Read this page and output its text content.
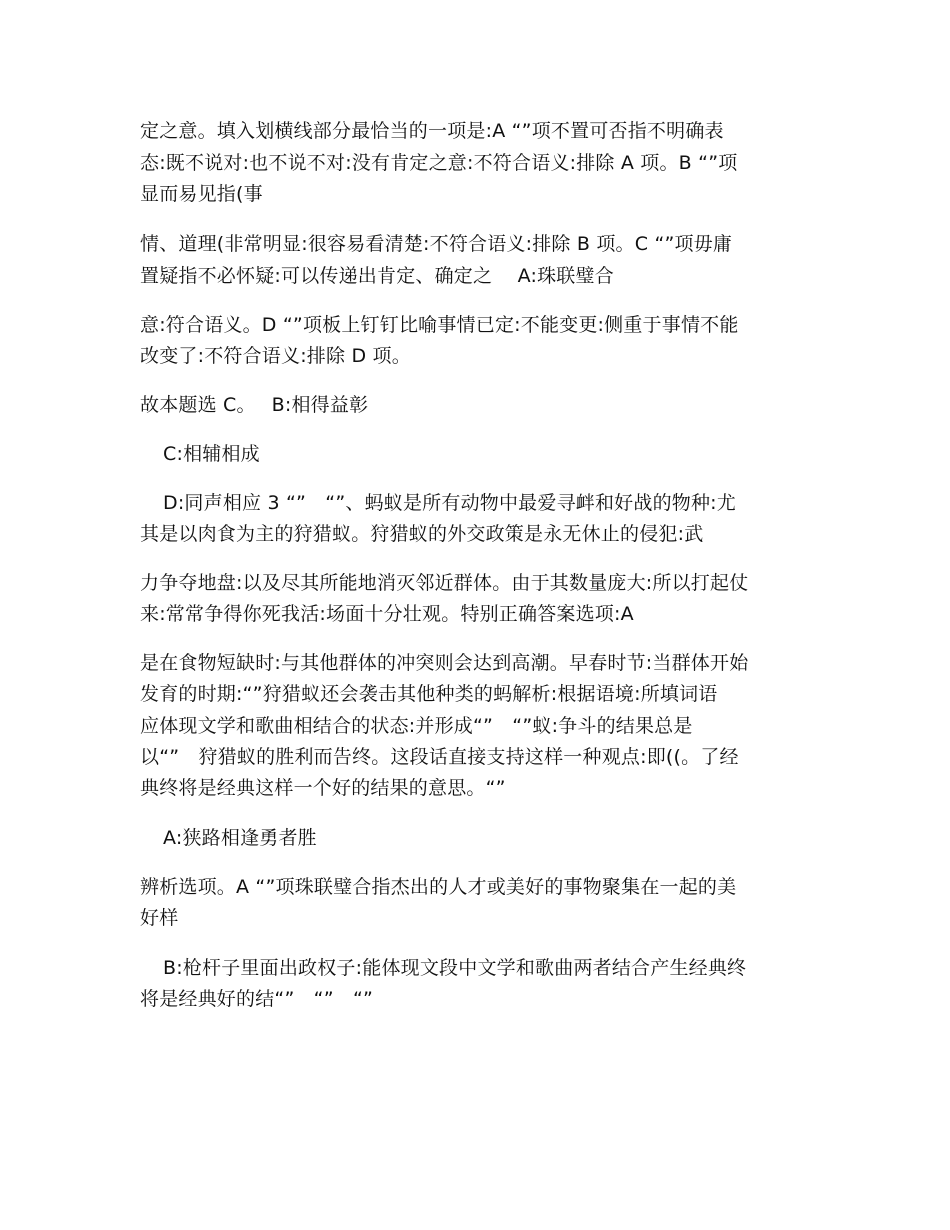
定之意。填入划横线部分最恰当的一项是:A “”项不置可否指不明确表
态:既不说对:也不说不对:没有肯定之意:不符合语义:排除 A 项。B “”项
显而易见指(事
情、道理(非常明显:很容易看清楚:不符合语义:排除 B 项。C “”项毋庸
置疑指不必怀疑:可以传递出肯定、确定之　 A:珠联璧合
意:符合语义。D “”项板上钉钉比喻事情已定:不能变更:侧重于事情不能
改变了:不符合语义:排除 D 项。
故本题选 C。　 B:相得益彰
C:相辅相成
D:同声相应 3 “”　“”、蚂蚁是所有动物中最爱寻衅和好战的物种:尤
其是以肉食为主的狩猎蚁。狩猎蚁的外交政策是永无休止的侵犯:武
力争夺地盘:以及尽其所能地消灭邻近群体。由于其数量庞大:所以打起仗
来:常常争得你死我活:场面十分壮观。特别正确答案选项:A
是在食物短缺时:与其他群体的冲突则会达到高潮。早春时节:当群体开始
发育的时期:“”狩猎蚁还会袭击其他种类的蚂解析:根据语境:所填词语
应体现文学和歌曲相结合的状态:并形成“”　“”蚁:争斗的结果总是
以“”　狩猎蚁的胜利而告终。这段话直接支持这样一种观点:即((。了经
典终将是经典这样一个好的结果的意思。“”
A:狭路相逢勇者胜
辨析选项。A “”项珠联璧合指杰出的人才或美好的事物聚集在一起的美
好样
B:枪杆子里面出政权子:能体现文段中文学和歌曲两者结合产生经典终
将是经典好的结“”　“”　“”
